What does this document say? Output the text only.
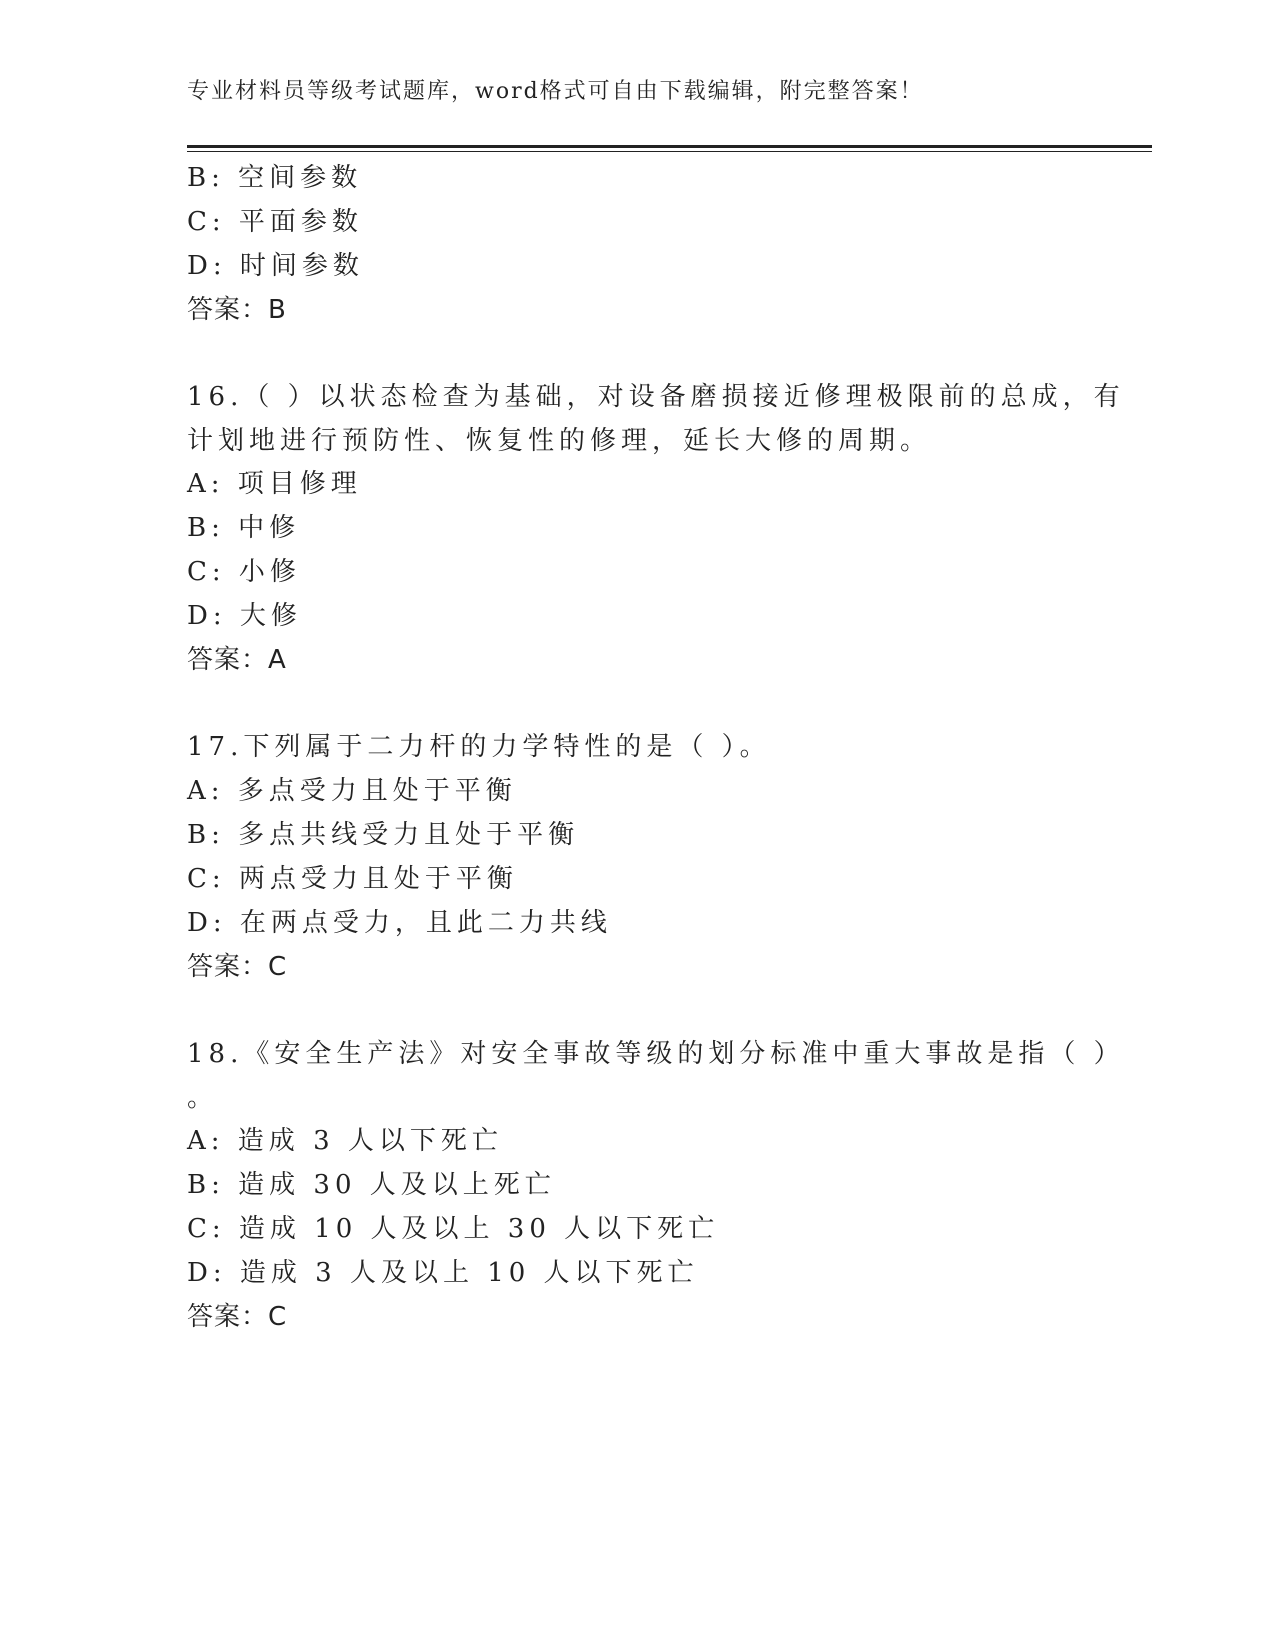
专业材料员等级考试题库，word格式可自由下载编辑，附完整答案！
B: 空间参数
C: 平面参数
D: 时间参数
答案：B
16.（ ）以状态检查为基础，对设备磨损接近修理极限前的总成，有
计划地进行预防性、恢复性的修理，延长大修的周期。
A: 项目修理
B: 中修
C: 小修
D: 大修
答案：A
17.下列属于二力杆的力学特性的是（ ）。
A: 多点受力且处于平衡
B: 多点共线受力且处于平衡
C: 两点受力且处于平衡
D: 在两点受力，且此二力共线
答案：C
18.《安全生产法》对安全事故等级的划分标准中重大事故是指（ ）
。
A: 造成 3 人以下死亡
B: 造成 30 人及以上死亡
C: 造成 10 人及以上 30 人以下死亡
D: 造成 3 人及以上 10 人以下死亡
答案：C
